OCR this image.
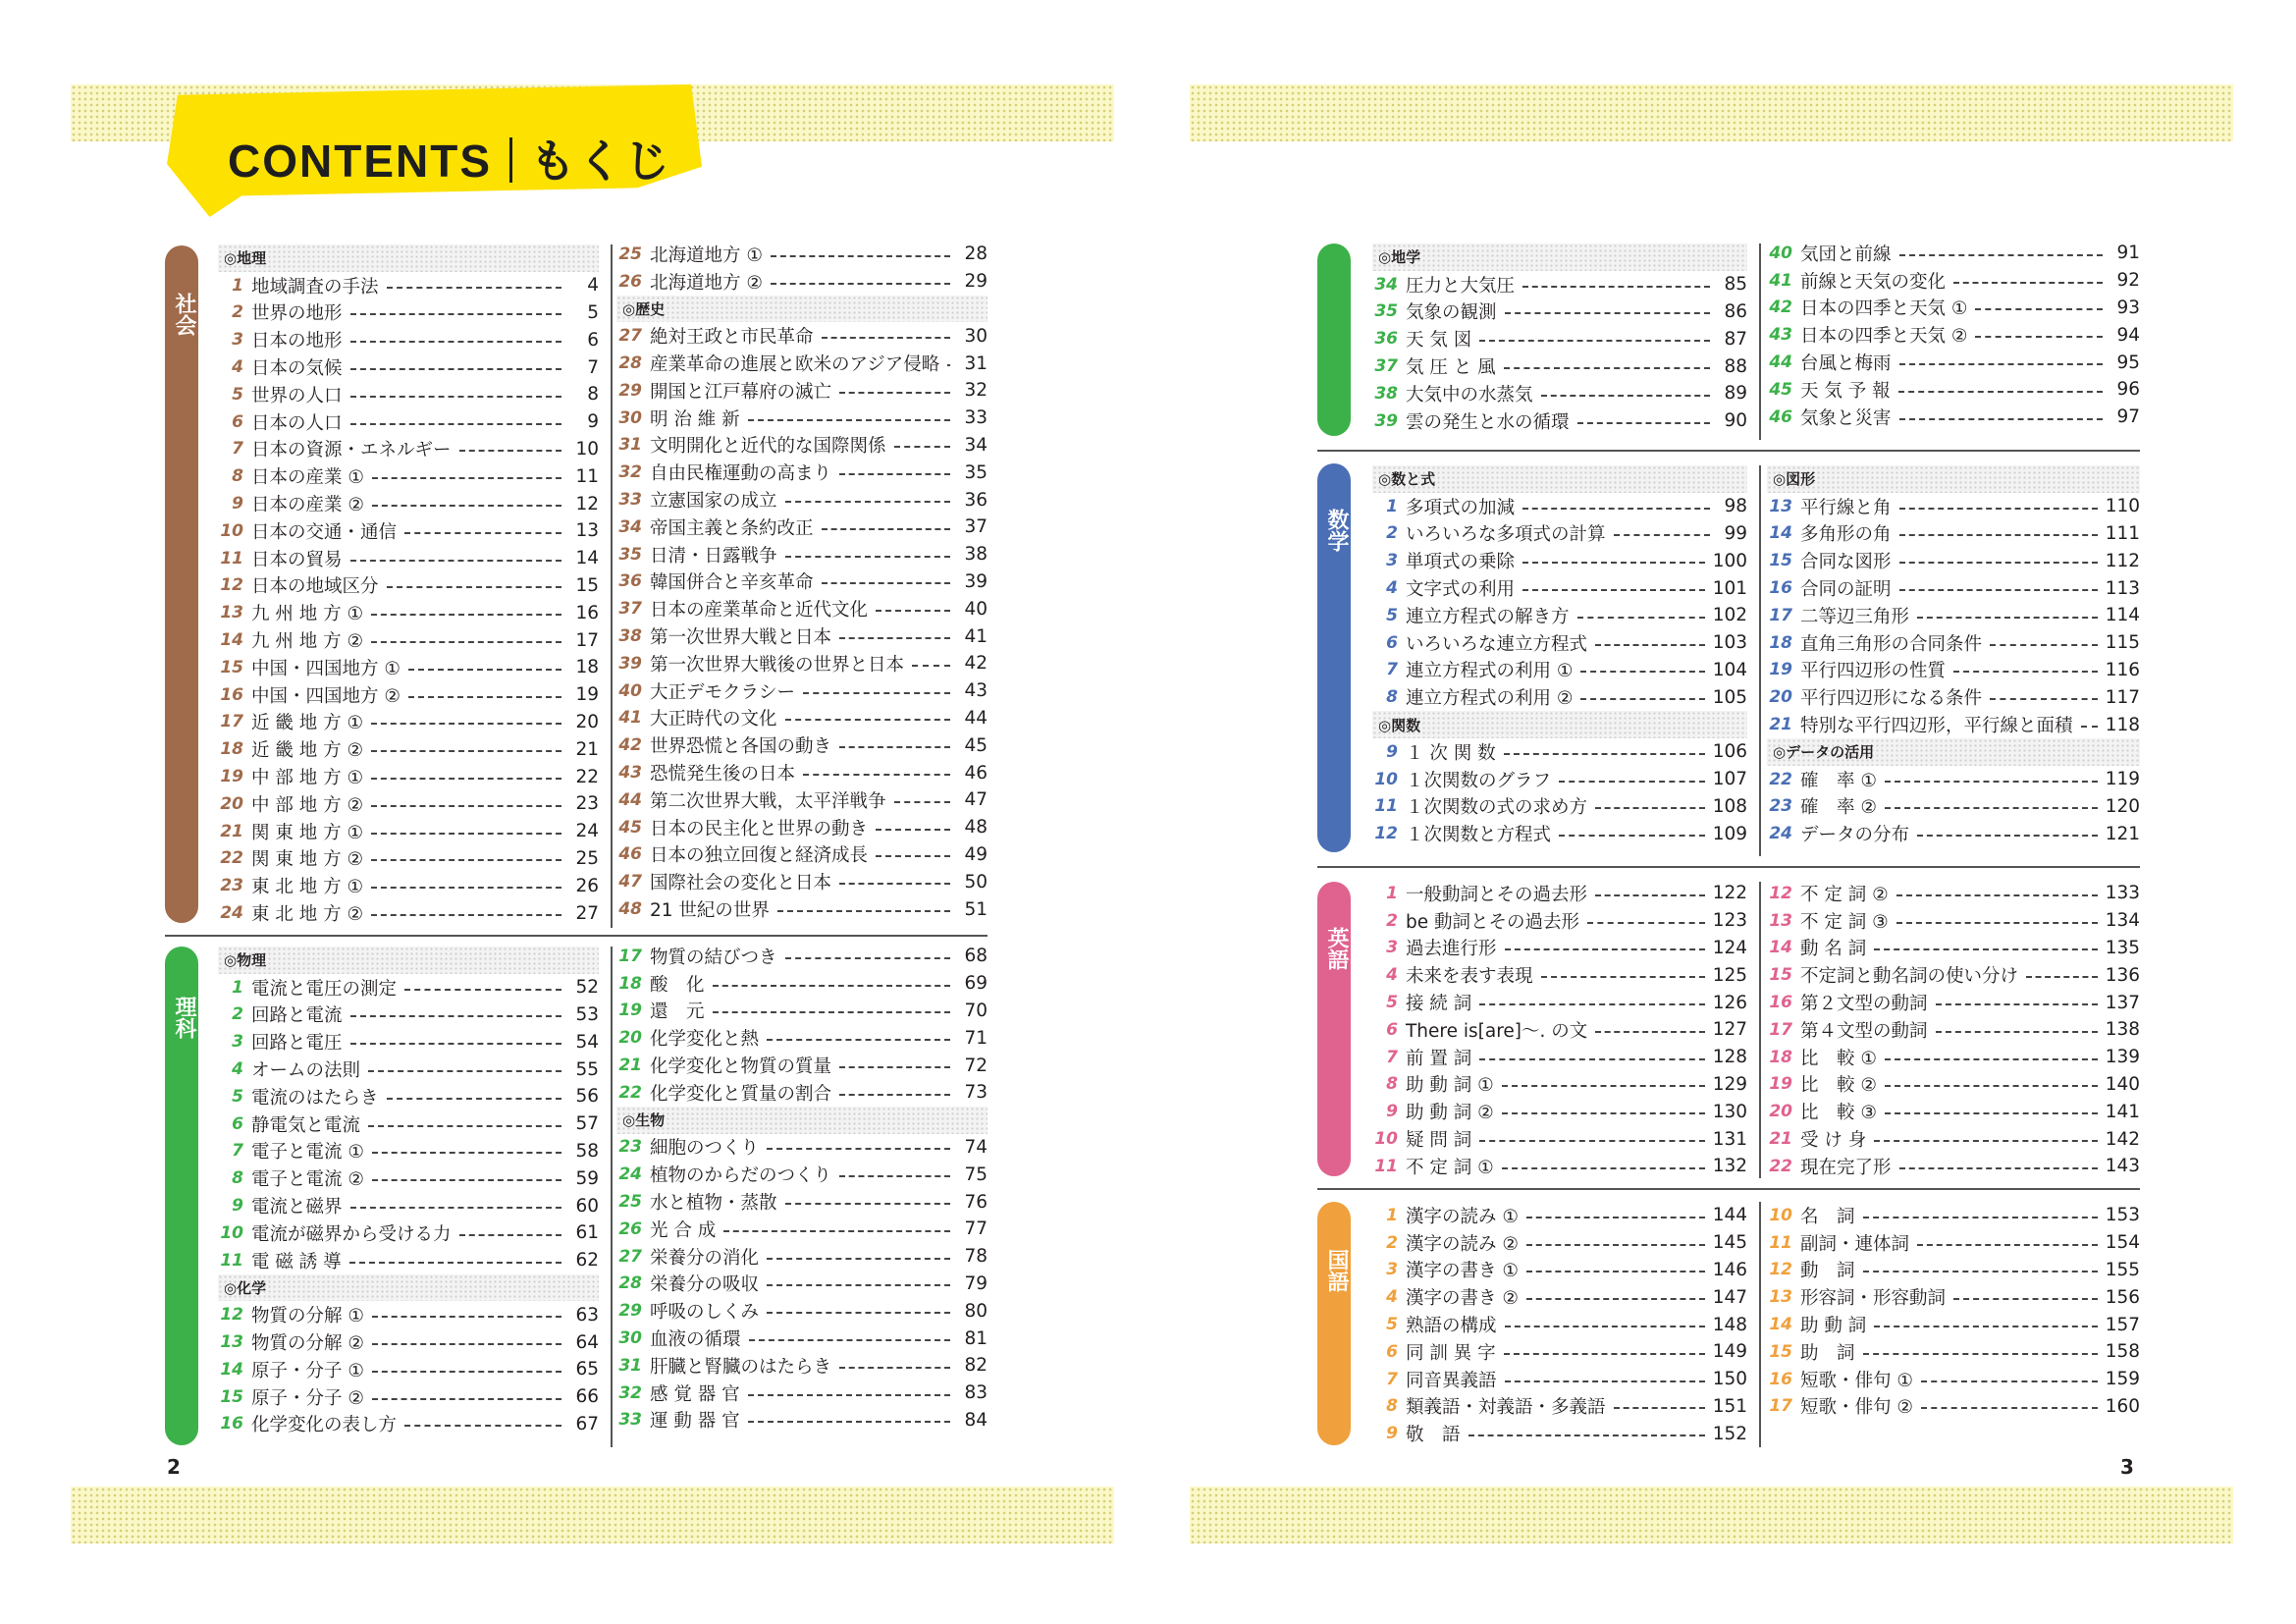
CONTENTS もくじ
2	3
社会
◎地理
1 地域調査の手法	4
2 世界の地形	5
3 日本の地形	6
4 日本の気候	7
5 世界の人口	8
6 日本の人口	9
7 日本の資源・エネルギー	10
8 日本の産業 ①	11
9 日本の産業 ②	12
10 日本の交通・通信	13
11 日本の貿易	14
12 日本の地域区分	15
13 九 州 地 方 ①	16
14 九 州 地 方 ②	17
15 中国・四国地方 ①	18
16 中国・四国地方 ②	19
17 近 畿 地 方 ①	20
18 近 畿 地 方 ②	21
19 中 部 地 方 ①	22
20 中 部 地 方 ②	23
21 関 東 地 方 ①	24
22 関 東 地 方 ②	25
23 東 北 地 方 ①	26
24 東 北 地 方 ②	27
25 北海道地方 ①	28
26 北海道地方 ②	29
◎歴史
27 絶対王政と市民革命	30
28 産業革命の進展と欧米のアジア侵略	31
29 開国と江戸幕府の滅亡	32
30 明 治 維 新	33
31 文明開化と近代的な国際関係	34
32 自由民権運動の高まり	35
33 立憲国家の成立	36
34 帝国主義と条約改正	37
35 日清・日露戦争	38
36 韓国併合と辛亥革命	39
37 日本の産業革命と近代文化	40
38 第一次世界大戦と日本	41
39 第一次世界大戦後の世界と日本	42
40 大正デモクラシー	43
41 大正時代の文化	44
42 世界恐慌と各国の動き	45
43 恐慌発生後の日本	46
44 第二次世界大戦，太平洋戦争	47
45 日本の民主化と世界の動き	48
46 日本の独立回復と経済成長	49
47 国際社会の変化と日本	50
48 21 世紀の世界	51
理科
◎物理
1 電流と電圧の測定	52
2 回路と電流	53
3 回路と電圧	54
4 オームの法則	55
5 電流のはたらき	56
6 静電気と電流	57
7 電子と電流 ①	58
8 電子と電流 ②	59
9 電流と磁界	60
10 電流が磁界から受ける力	61
11 電 磁 誘 導	62
◎化学
12 物質の分解 ①	63
13 物質の分解 ②	64
14 原子・分子 ①	65
15 原子・分子 ②	66
16 化学変化の表し方	67
17 物質の結びつき	68
18 酸　化	69
19 還　元	70
20 化学変化と熱	71
21 化学変化と物質の質量	72
22 化学変化と質量の割合	73
◎生物
23 細胞のつくり	74
24 植物のからだのつくり	75
25 水と植物・蒸散	76
26 光 合 成	77
27 栄養分の消化	78
28 栄養分の吸収	79
29 呼吸のしくみ	80
30 血液の循環	81
31 肝臓と腎臓のはたらき	82
32 感 覚 器 官	83
33 運 動 器 官	84
◎地学
34 圧力と大気圧	85
35 気象の観測	86
36 天 気 図	87
37 気 圧 と 風	88
38 大気中の水蒸気	89
39 雲の発生と水の循環	90
40 気団と前線	91
41 前線と天気の変化	92
42 日本の四季と天気 ①	93
43 日本の四季と天気 ②	94
44 台風と梅雨	95
45 天 気 予 報	96
46 気象と災害	97
数学
◎数と式
1 多項式の加減	98
2 いろいろな多項式の計算	99
3 単項式の乗除	100
4 文字式の利用	101
5 連立方程式の解き方	102
6 いろいろな連立方程式	103
7 連立方程式の利用 ①	104
8 連立方程式の利用 ②	105
◎関数
9 １ 次 関 数	106
10 １次関数のグラフ	107
11 １次関数の式の求め方	108
12 １次関数と方程式	109
◎図形
13 平行線と角	110
14 多角形の角	111
15 合同な図形	112
16 合同の証明	113
17 二等辺三角形	114
18 直角三角形の合同条件	115
19 平行四辺形の性質	116
20 平行四辺形になる条件	117
21 特別な平行四辺形，平行線と面積 118
◎データの活用
22 確　率 ①	119
23 確　率 ②	120
24 データの分布	121
英語
1 一般動詞とその過去形	122
2 be 動詞とその過去形	123
3 過去進行形	124
4 未来を表す表現	125
5 接 続 詞	126
6 There is[are]～. の文	127
7 前 置 詞	128
8 助 動 詞 ①	129
9 助 動 詞 ②	130
10 疑 問 詞	131
11 不 定 詞 ①	132
12 不 定 詞 ②	133
13 不 定 詞 ③	134
14 動 名 詞	135
15 不定詞と動名詞の使い分け	136
16 第２文型の動詞	137
17 第４文型の動詞	138
18 比　較 ①	139
19 比　較 ②	140
20 比　較 ③	141
21 受 け 身	142
22 現在完了形	143
国語
1 漢字の読み ①	144
2 漢字の読み ②	145
3 漢字の書き ①	146
4 漢字の書き ②	147
5 熟語の構成	148
6 同 訓 異 字	149
7 同音異義語	150
8 類義語・対義語・多義語	151
9 敬　語	152
10 名　詞	153
11 副詞・連体詞	154
12 動　詞	155
13 形容詞・形容動詞	156
14 助 動 詞	157
15 助　詞	158
16 短歌・俳句 ①	159
17 短歌・俳句 ②	160
